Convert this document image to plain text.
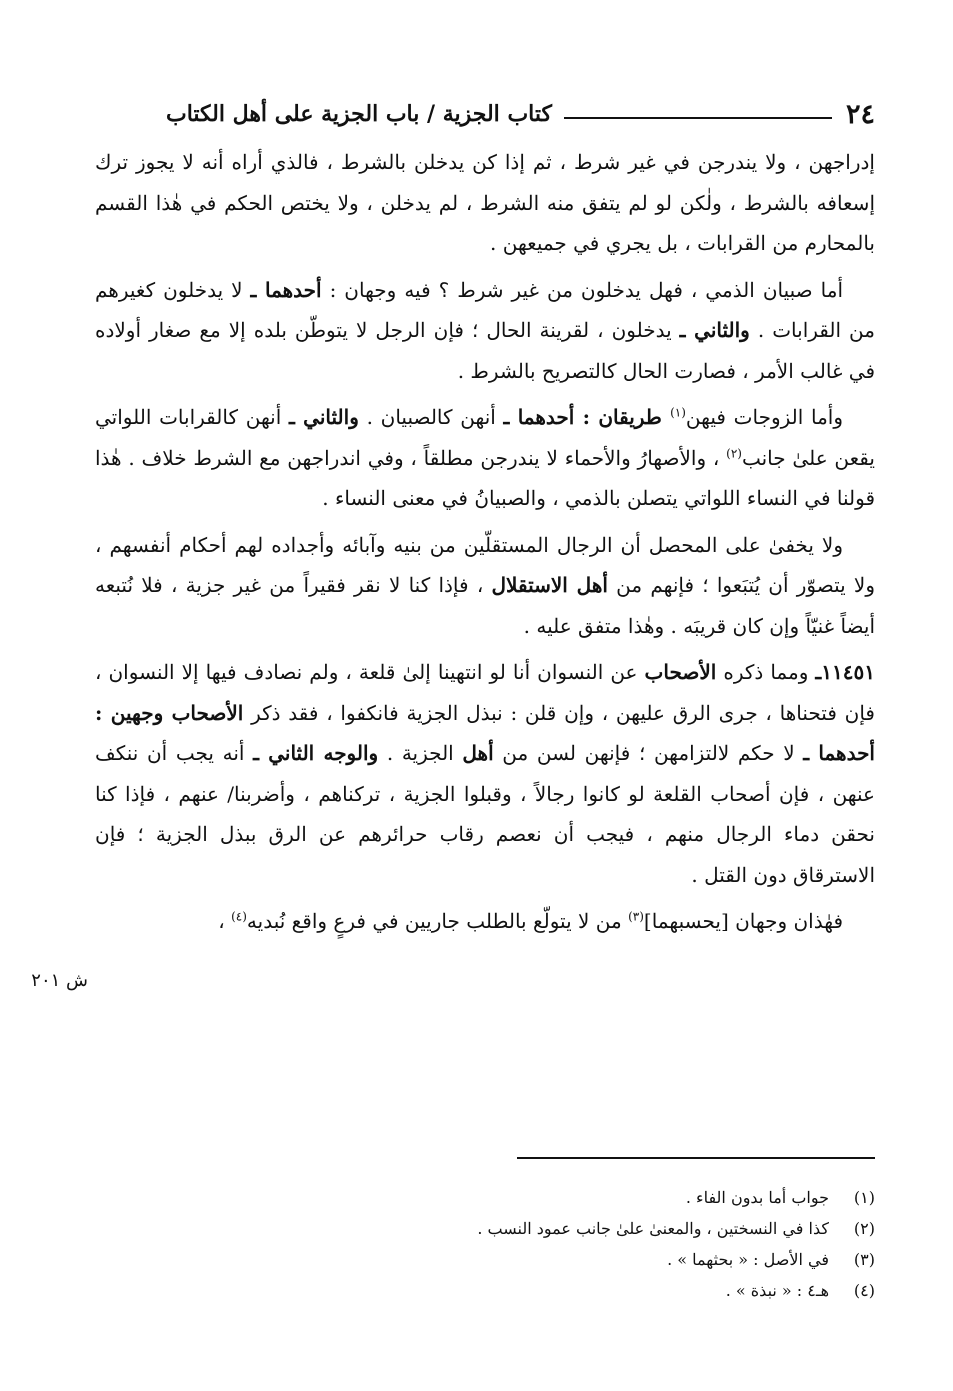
٢٤
كتاب الجزية / باب الجزية على أهل الكتاب

إدراجهن ، ولا يندرجن في غير شرط ، ثم إذا كن يدخلن بالشرط ، فالذي أراه أنه لا يجوز ترك إسعافه بالشرط ، ولٰكن لو لم يتفق منه الشرط ، لم يدخلن ، ولا يختص الحكم في هٰذا القسم بالمحارم من القرابات ، بل يجري في جميعهن .

أما صبيان الذمي ، فهل يدخلون من غير شرط ؟ فيه وجهان : أحدهما ـ لا يدخلون كغيرهم من القرابات . والثاني ـ يدخلون ، لقرينة الحال ؛ فإن الرجل لا يتوطّن بلده إلا مع صغار أولاده في غالب الأمر ، فصارت الحال كالتصريح بالشرط .

وأما الزوجات فيهن$^{(١)}$ طريقان : أحدهما ـ أنهن كالصبيان . والثاني ـ أنهن كالقرابات اللواتي يقعن علىٰ جانب$^{(٢)}$ ، والأصهارُ والأحماء لا يندرجن مطلقاً ، وفي اندراجهن مع الشرط خلاف . هٰذا قولنا في النساء اللواتي يتصلن بالذمي ، والصبيانُ في معنى النساء .

ولا يخفىٰ على المحصل أن الرجال المستقلّين من بنيه وآبائه وأجداده لهم أحكام أنفسهم ، ولا يتصوّر أن يُتبَعوا ؛ فإنهم من أهل الاستقلال ، فإذا كنا لا نقر فقيراً من غير جزية ، فلا نُتبعه أيضاً غنيّاً وإن كان قريبَه . وهٰذا متفق عليه .

١١٤٥١ـ ومما ذكره الأصحاب عن النسوان أنا لو انتهينا إلىٰ قلعة ، ولم نصادف فيها إلا النسوان ، فإن فتحناها ، جرى الرق عليهن ، وإن قلن : نبذل الجزية فانكفوا ، فقد ذكر الأصحاب وجهين : أحدهما ـ لا حكم لالتزامهن ؛ فإنهن لسن من أهل الجزية . والوجه الثاني ـ أنه يجب أن ننكف عنهن ، فإن أصحاب القلعة لو كانوا رجالاً ، وقبلوا الجزية ، تركناهم ، وأضربنا/ عنهم ، فإذا كنا نحقن دماء الرجال منهم ، فيجب أن نعصم رقاب حرائرهم عن الرق ببذل الجزية ؛ فإن الاسترقاق دون القتل .

فهٰذان وجهان [يحسبهما]$^{(٣)}$ من لا يتولّع بالطلب جاريين في فرعٍ واقع نُبديه$^{(٤)}$ ،

ش ٢٠١
(١)
جواب أما بدون الفاء .
(٢)
كذا في النسختين ، والمعنىٰ علىٰ جانب عمود النسب .
(٣)
في الأصل : « بحثهما » .
(٤)
هـ٤ : « نبذة » .
